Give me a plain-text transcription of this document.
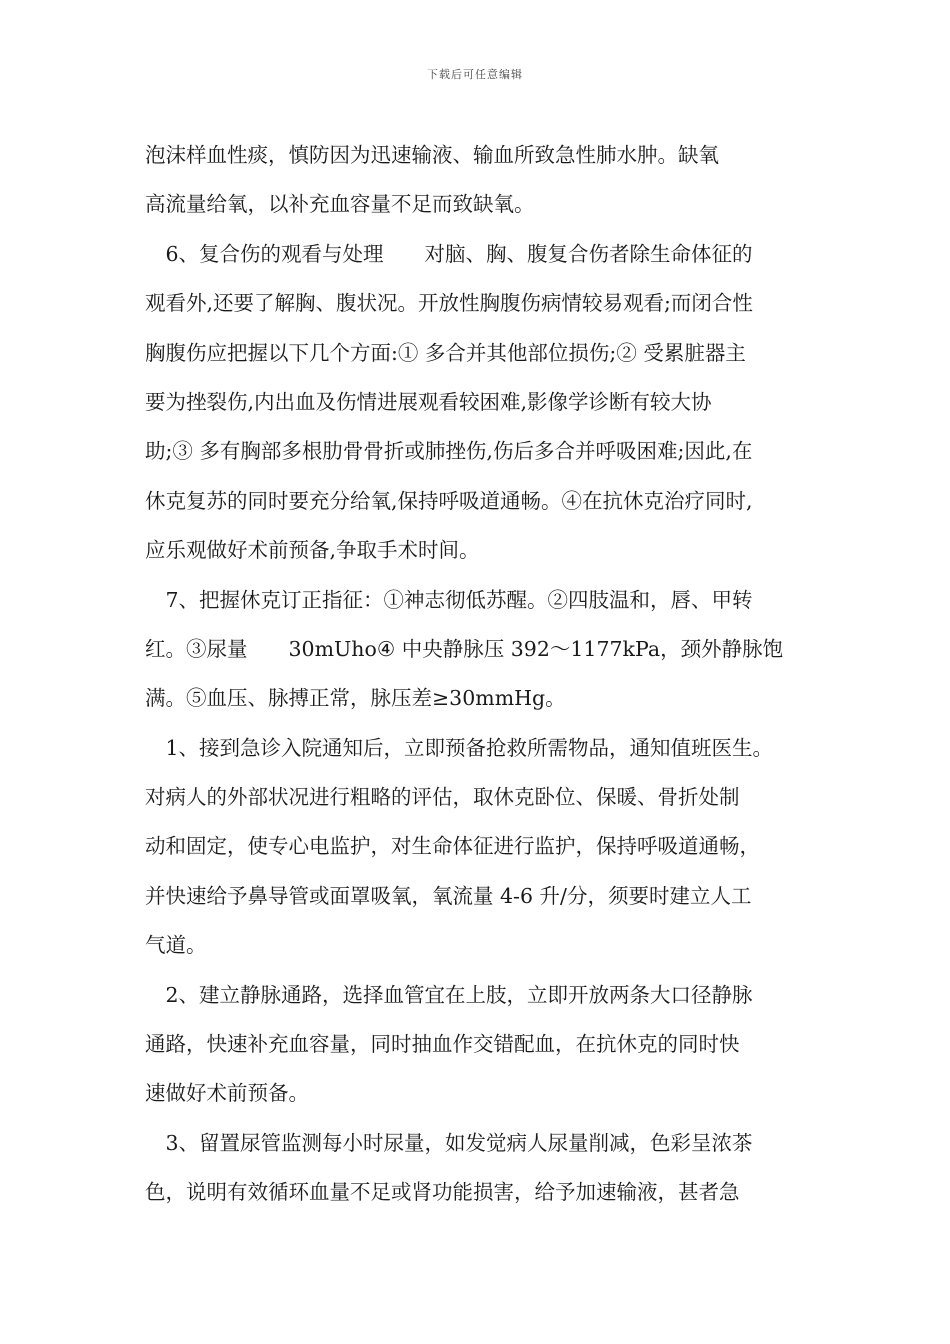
下载后可任意编辑
泡沫样血性痰，慎防因为迅速输液、输血所致急性肺水肿。缺氧
高流量给氧，以补充血容量不足而致缺氧。
　6、复合伤的观看与处理　　对脑、胸、腹复合伤者除生命体征的
观看外,还要了解胸、腹状况。开放性胸腹伤病情较易观看;而闭合性
胸腹伤应把握以下几个方面:① 多合并其他部位损伤;② 受累脏器主
要为挫裂伤,内出血及伤情进展观看较困难,影像学诊断有较大协
助;③ 多有胸部多根肋骨骨折或肺挫伤,伤后多合并呼吸困难;因此,在
休克复苏的同时要充分给氧,保持呼吸道通畅。④在抗休克治疗同时,
应乐观做好术前预备,争取手术时间。
　7、把握休克订正指征：①神志彻低苏醒。②四肢温和，唇、甲转
红。③尿量　　30mUho④ 中央静脉压 392～1177kPa，颈外静脉饱
满。⑤血压、脉搏正常，脉压差≥30mmHg。
　1、接到急诊入院通知后，立即预备抢救所需物品，通知值班医生。
对病人的外部状况进行粗略的评估，取休克卧位、保暖、骨折处制
动和固定，使专心电监护，对生命体征进行监护，保持呼吸道通畅，
并快速给予鼻导管或面罩吸氧，氧流量 4-6 升/分，须要时建立人工
气道。
　2、建立静脉通路，选择血管宜在上肢，立即开放两条大口径静脉
通路，快速补充血容量，同时抽血作交错配血，在抗休克的同时快
速做好术前预备。
　3、留置尿管监测每小时尿量，如发觉病人尿量削减，色彩呈浓茶
色，说明有效循环血量不足或肾功能损害，给予加速输液，甚者急
